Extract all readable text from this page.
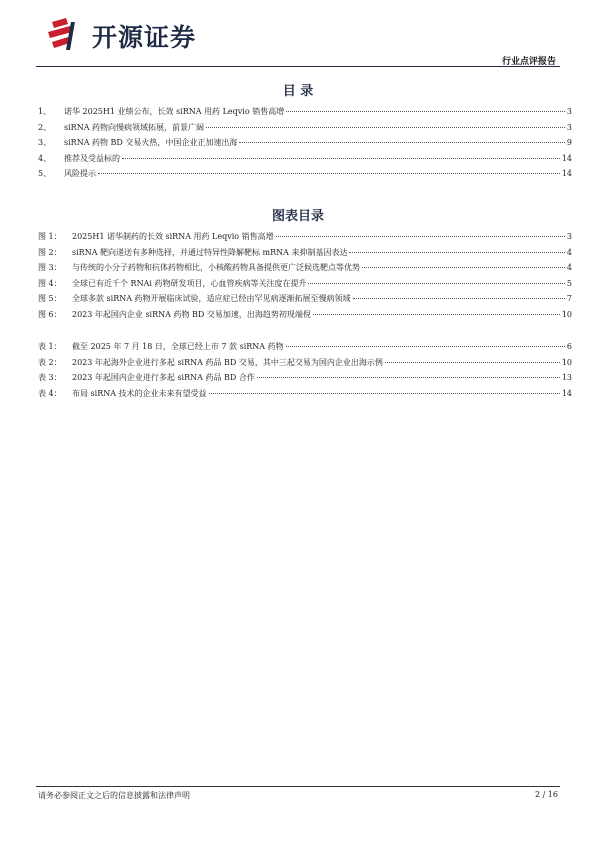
开源证券
行业点评报告
目 录
1、	诺华 2025H1 业绩公布，长效 siRNA 用药 Leqvio 销售高增	3
2、	siRNA 药物向慢病领域拓展，前景广阔	3
3、	siRNA 药物 BD 交易火热，中国企业正加速出海	9
4、	推荐及受益标的	14
5、	风险提示	14
图表目录
图 1：	2025H1 诺华制药的长效 siRNA 用药 Leqvio 销售高增	3
图 2：	siRNA 靶向递送有多种选择，并通过特异性降解靶标 mRNA 来抑制基因表达	4
图 3：	与传统的小分子药物和抗体药物相比，小核酸药物具备提供更广泛候选靶点等优势	4
图 4：	全球已有近千个 RNAi 药物研发项目，心血管疾病等关注度在提升	5
图 5：	全球多款 siRNA 药物开展临床试验，适应症已经由罕见病逐渐拓展至慢病领域	7
图 6：	2023 年起国内企业 siRNA 药物 BD 交易加速，出海趋势初现端倪	10
表 1：	截至 2025 年 7 月 18 日，全球已经上市 7 款 siRNA 药物	6
表 2：	2023 年起海外企业进行多起 siRNA 药品 BD 交易，其中三起交易为国内企业出海示例	10
表 3：	2023 年起国内企业进行多起 siRNA 药品 BD 合作	13
表 4：	布局 siRNA 技术的企业未来有望受益	14
请务必参阅正文之后的信息披露和法律声明	2 / 16
